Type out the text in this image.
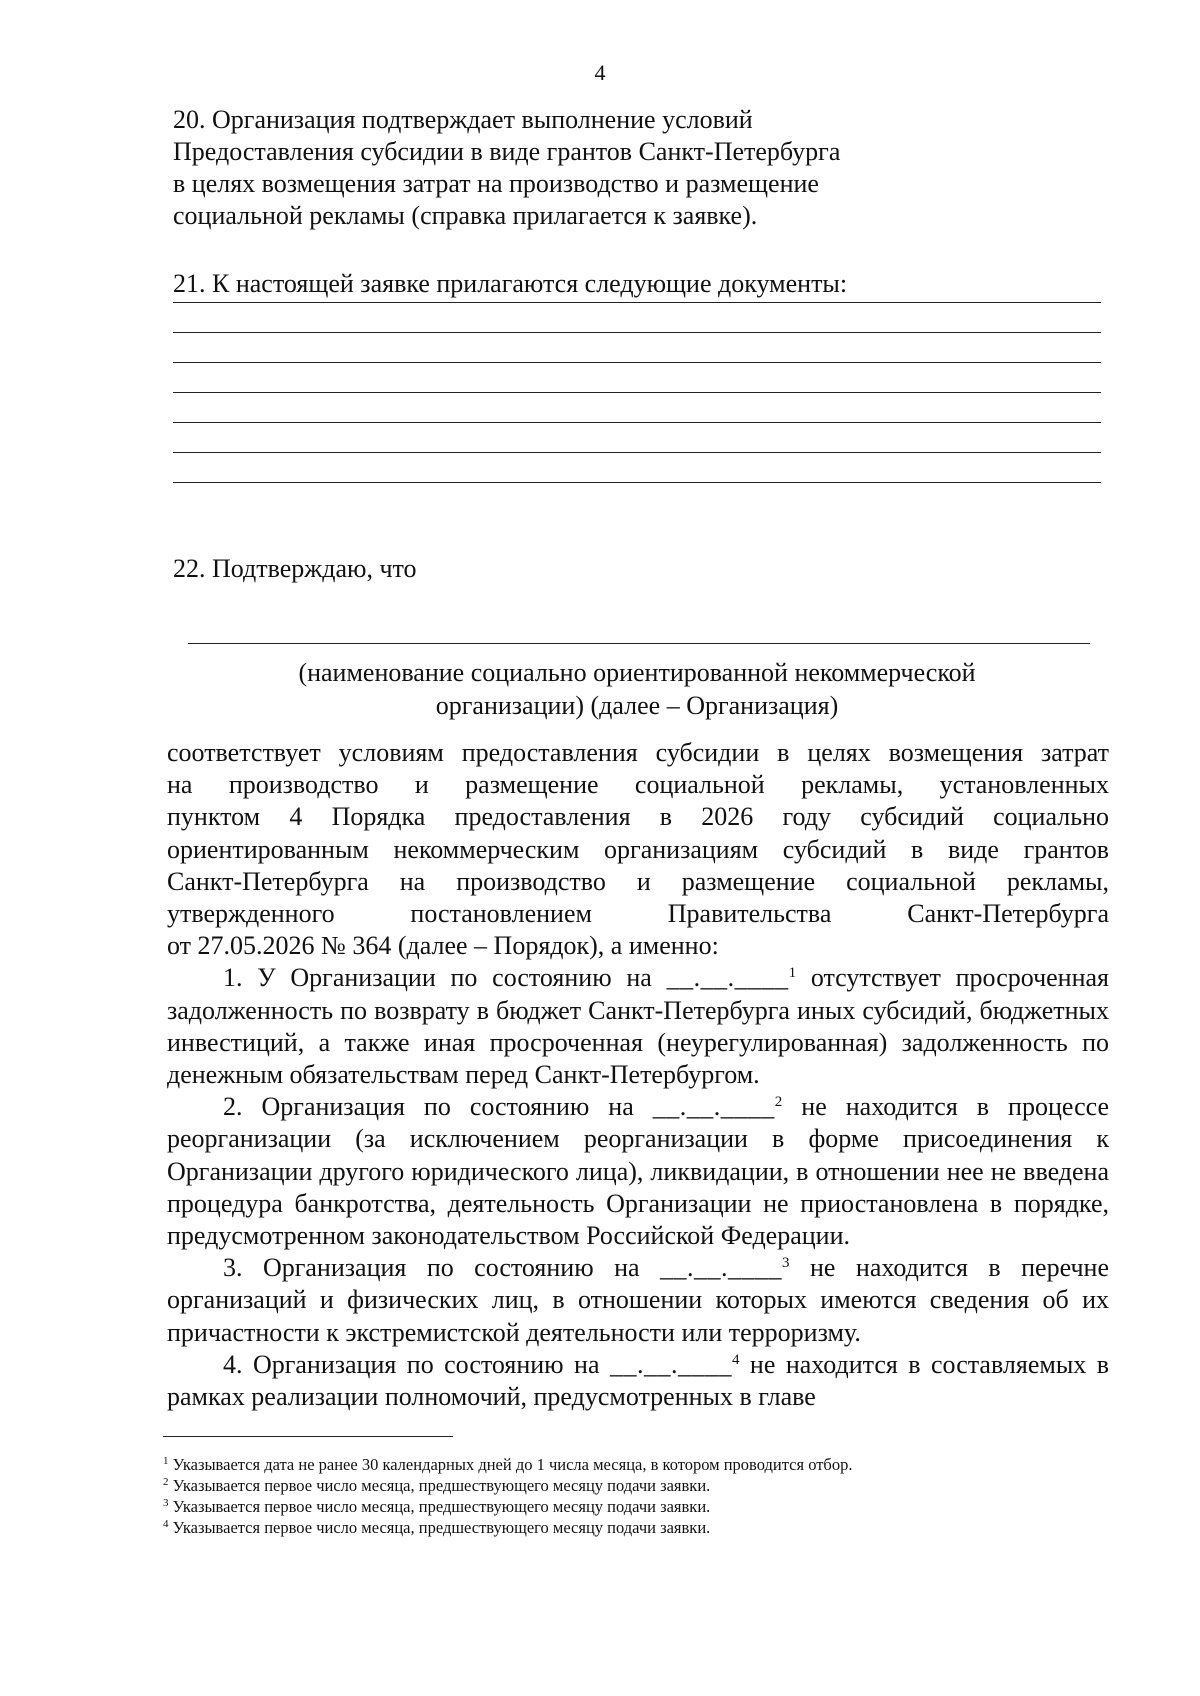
4
20. Организация подтверждает выполнение условий
Предоставления субсидии в виде грантов Санкт-Петербурга
в целях возмещения затрат на производство и размещение
социальной рекламы (справка прилагается к заявке).
21. К настоящей заявке прилагаются следующие документы:
22. Подтверждаю, что
(наименование социально ориентированной некоммерческой
организации) (далее – Организация)

соответствует условиям предоставления субсидии в целях возмещения затрат

на производство и размещение социальной рекламы, установленных

пунктом 4 Порядка предоставления в 2026 году субсидий социально

ориентированным некоммерческим организациям субсидий в виде грантов

Санкт-Петербурга на производство и размещение социальной рекламы,

утвержденного постановлением Правительства Санкт-Петербурга

от 27.05.2026 № 364 (далее – Порядок), а именно:

1. У Организации по состоянию на __.__.____$^1$ отсутствует просроченная задолженность по возврату в бюджет Санкт-Петербурга иных субсидий, бюджетных инвестиций, а также иная просроченная (неурегулированная) задолженность по денежным обязательствам перед Санкт-Петербургом.

2. Организация по состоянию на __.__.____$^2$ не находится в процессе реорганизации (за исключением реорганизации в форме присоединения к Организации другого юридического лица), ликвидации, в отношении нее не введена процедура банкротства, деятельность Организации не приостановлена в порядке, предусмотренном законодательством Российской Федерации.

3. Организация по состоянию на __.__.____$^3$ не находится в перечне организаций и физических лиц, в отношении которых имеются сведения об их причастности к экстремистской деятельности или терроризму.

4. Организация по состоянию на __.__.____$^4$ не находится в составляемых в рамках реализации полномочий, предусмотренных в главе

$^1$ Указывается дата не ранее 30 календарных дней до 1 числа месяца, в котором проводится отбор.
$^2$ Указывается первое число месяца, предшествующего месяцу подачи заявки.
$^3$ Указывается первое число месяца, предшествующего месяцу подачи заявки.
$^4$ Указывается первое число месяца, предшествующего месяцу подачи заявки.
